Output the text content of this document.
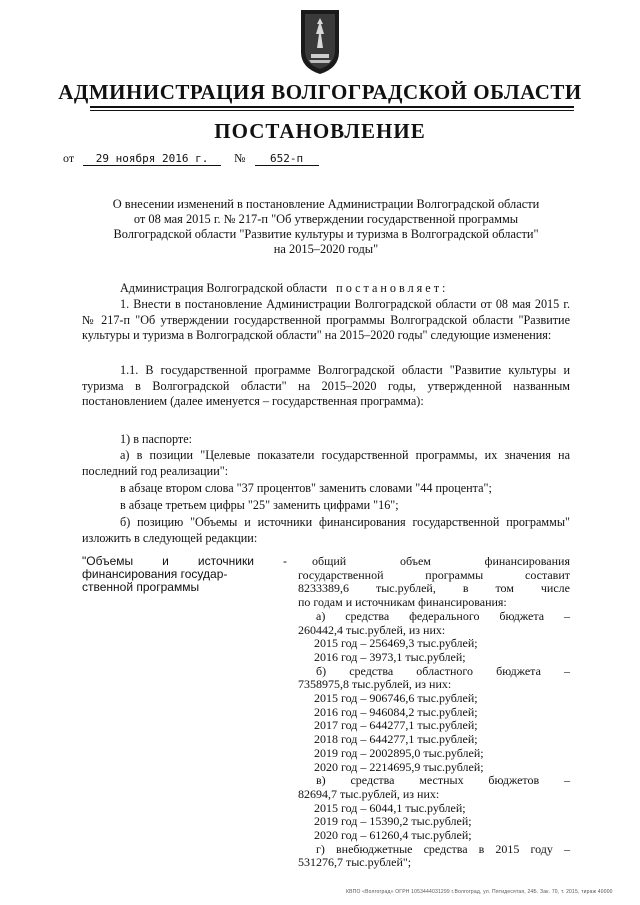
АДМИНИСТРАЦИЯ ВОЛГОГРАДСКОЙ ОБЛАСТИ
ПОСТАНОВЛЕНИЕ
от 29 ноября 2016 г. № 652-п
О внесении изменений в постановление Администрации Волгоградской области
от 08 мая 2015 г. № 217-п "Об утверждении государственной программы
Волгоградской области "Развитие культуры и туризма в Волгоградской области"
на 2015–2020 годы"
Администрация Волгоградской области постановляет:
1. Внести в постановление Администрации Волгоградской области от 08 мая 2015 г. № 217-п "Об утверждении государственной программы Волгоградской области "Развитие культуры и туризма в Волгоградской области" на 2015–2020 годы" следующие изменения:
1.1. В государственной программе Волгоградской области "Развитие культуры и туризма в Волгоградской области" на 2015–2020 годы, утвержденной названным постановлением (далее именуется – государственная программа):
1) в паспорте:
а) в позиции "Целевые показатели государственной программы, их значения на последний год реализации":
в абзаце втором слова "37 процентов" заменить словами "44 процента";
в абзаце третьем цифры "25" заменить цифрами "16";
б) позицию "Объемы и источники финансирования государственной программы" изложить в следующей редакции:
"Объемы и источники -
финансирования государ-
ственной программы
общий объем финансирования
государственной программы составит
8233389,6 тыс.рублей, в том числе
по годам и источникам финансирования:
а) средства федерального бюджета –
260442,4 тыс.рублей, из них:
2015 год – 256469,3 тыс.рублей;
2016 год – 3973,1 тыс.рублей;
б) средства областного бюджета –
7358975,8 тыс.рублей, из них:
2015 год – 906746,6 тыс.рублей;
2016 год – 946084,2 тыс.рублей;
2017 год – 644277,1 тыс.рублей;
2018 год – 644277,1 тыс.рублей;
2019 год – 2002895,0 тыс.рублей;
2020 год – 2214695,9 тыс.рублей;
в) средства местных бюджетов –
82694,7 тыс.рублей, из них:
2015 год – 6044,1 тыс.рублей;
2019 год – 15390,2 тыс.рублей;
2020 год – 61260,4 тыс.рублей;
г) внебюджетные средства в 2015 году –
531276,7 тыс.рублей";
КВПО «Волгоград» ОГРН 1053444031299 г.Волгоград, ул. Пятидесятая, 24Б. Зак. 70, т. 2015, тираж 40000
